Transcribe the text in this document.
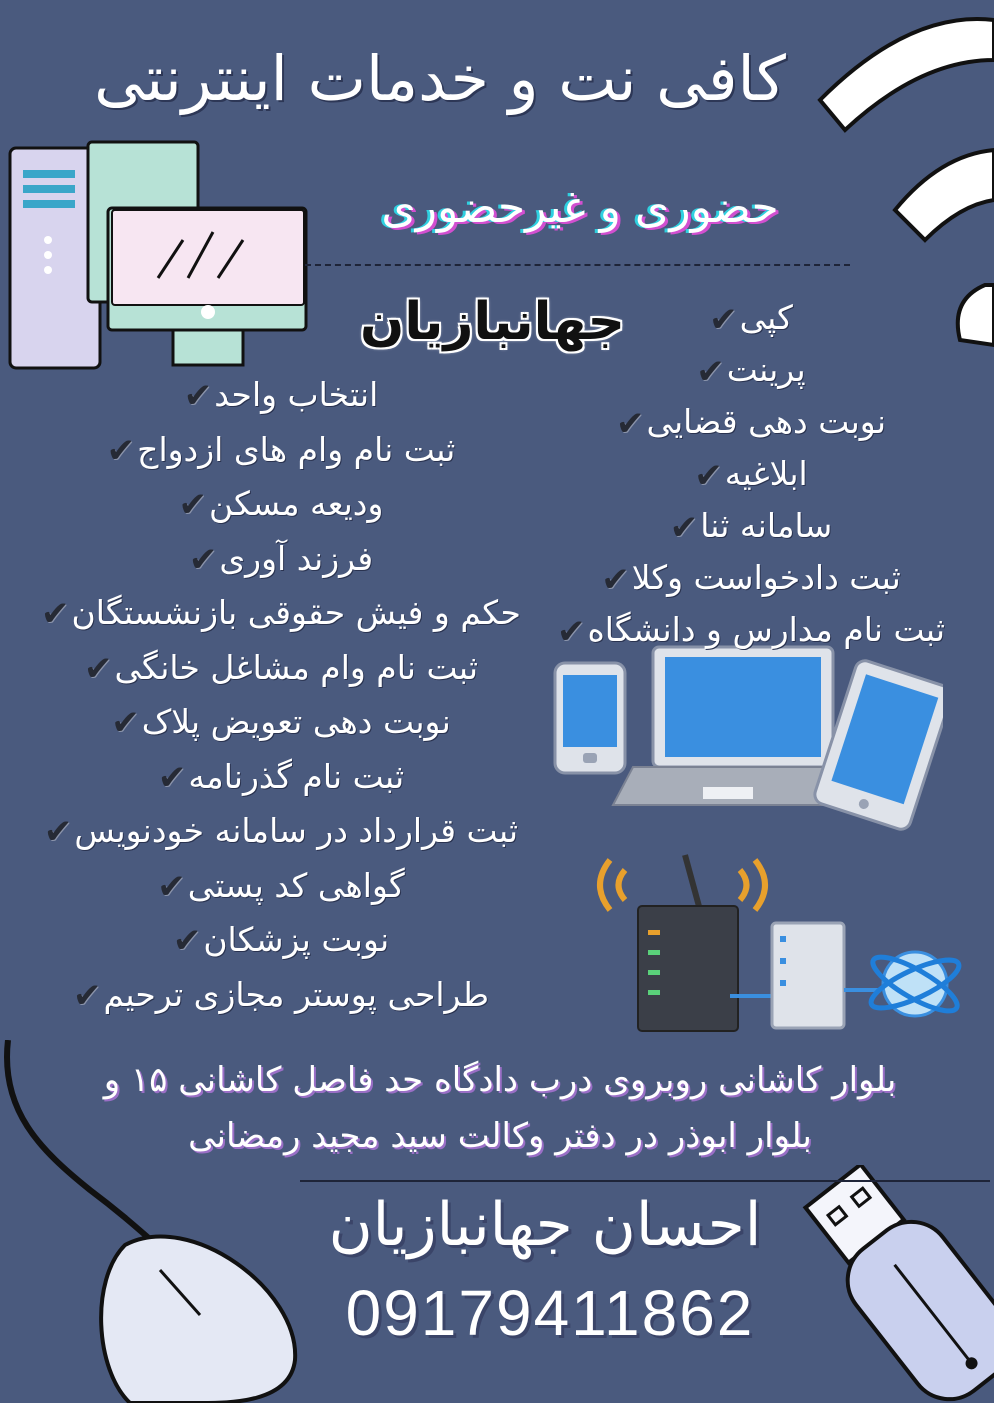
کافی نت و خدمات اینترنتی
حضوری و غیرحضوری
جهانبازیان	کپی✔
پرینت✔
نوبت دهی قضایی✔
ابلاغیه✔
سامانه ثنا✔
ثبت دادخواست وکلا✔
ثبت نام مدارس و دانشگاه✔
انتخاب واحد✔
ثبت نام وام های ازدواج✔
ودیعه مسکن✔
فرزند آوری✔
حکم و فیش حقوقی بازنشستگان✔
ثبت نام وام مشاغل خانگی✔
نوبت دهی تعویض پلاک✔
ثبت نام گذرنامه✔
ثبت قرارداد در سامانه خودنویس✔
گواهی کد پستی✔
نوبت پزشکان✔
طراحی پوستر مجازی ترحیم✔
بلوار کاشانی روبروی درب دادگاه حد فاصل کاشانی ۱۵ و
بلوار ابوذر در دفتر وکالت سید مجید رمضانی
احسان جهانبازیان
09179411862
